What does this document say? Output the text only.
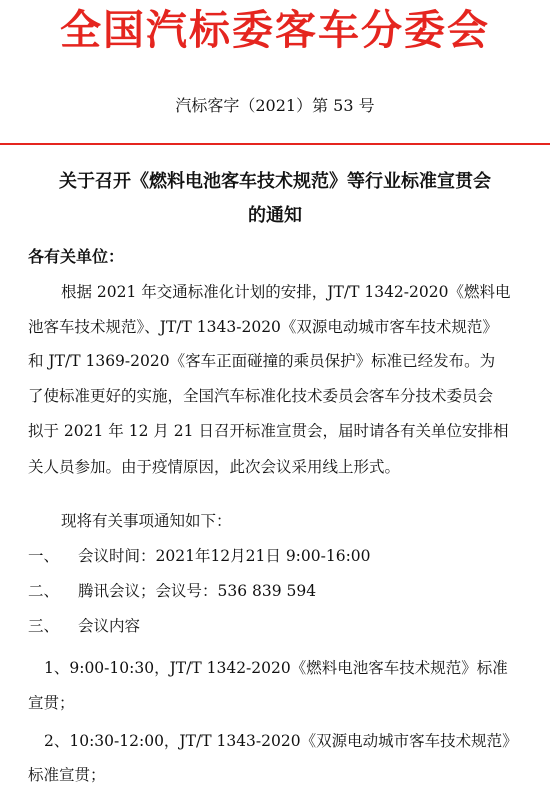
全国汽标委客车分委会
汽标客字（2021）第 53 号
关于召开《燃料电池客车技术规范》等行业标准宣贯会
的通知
各有关单位：
根据 2021 年交通标准化计划的安排，JT/T 1342-2020《燃料电
池客车技术规范》、JT/T 1343-2020《双源电动城市客车技术规范》
和 JT/T 1369-2020《客车正面碰撞的乘员保护》标准已经发布。为
了使标准更好的实施，全国汽车标准化技术委员会客车分技术委员会
拟于 2021 年 12 月 21 日召开标准宣贯会，届时请各有关单位安排相
关人员参加。由于疫情原因，此次会议采用线上形式。
现将有关事项通知如下：
一、 会议时间：2021年12月21日 9:00-16:00
二、 腾讯会议；会议号：536 839 594
三、 会议内容
1、9:00-10:30，JT/T 1342-2020《燃料电池客车技术规范》标准
宣贯；
2、10:30-12:00，JT/T 1343-2020《双源电动城市客车技术规范》
标准宣贯；
